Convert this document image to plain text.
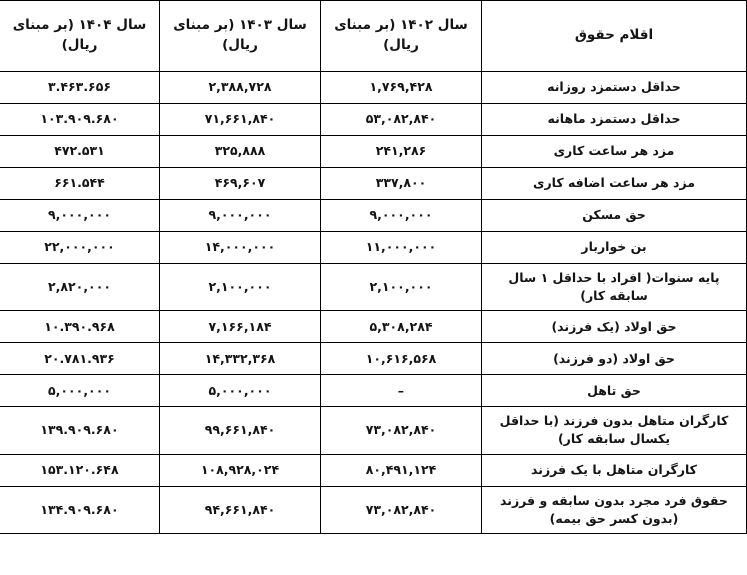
اقلام حقوق	سال ۱۴۰۲ (بر مبنای ریال)	سال ۱۴۰۳ (بر مبنای ریال)	سال ۱۴۰۴ (بر مبنای ریال)
حداقل دستمزد روزانه	۱,۷۶۹,۴۲۸	۲,۳۸۸,۷۲۸	۳.۴۶۳.۶۵۶
حداقل دستمزد ماهانه	۵۳,۰۸۲,۸۴۰	۷۱,۶۶۱,۸۴۰	۱۰۳.۹۰۹.۶۸۰
مزد هر ساعت کاری	۲۴۱,۲۸۶	۳۲۵,۸۸۸	۴۷۲.۵۳۱
مزد هر ساعت اضافه کاری	۳۳۷,۸۰۰	۴۶۹,۶۰۷	۶۶۱.۵۴۴
حق مسکن	۹,۰۰۰,۰۰۰	۹,۰۰۰,۰۰۰	۹,۰۰۰,۰۰۰
بن خواربار	۱۱,۰۰۰,۰۰۰	۱۴,۰۰۰,۰۰۰	۲۲,۰۰۰,۰۰۰
پایه سنوات( افراد با حداقل ۱ سال سابقه کار)	۲,۱۰۰,۰۰۰	۲,۱۰۰,۰۰۰	۲,۸۲۰,۰۰۰
حق اولاد (یک فرزند)	۵,۳۰۸,۲۸۴	۷,۱۶۶,۱۸۴	۱۰.۳۹۰.۹۶۸
حق اولاد (دو فرزند)	۱۰,۶۱۶,۵۶۸	۱۴,۳۳۲,۳۶۸	۲۰.۷۸۱.۹۳۶
حق تاهل	–	۵,۰۰۰,۰۰۰	۵,۰۰۰,۰۰۰
کارگران متاهل بدون فرزند (با حداقل یکسال سابقه کار)	۷۳,۰۸۲,۸۴۰	۹۹,۶۶۱,۸۴۰	۱۳۹.۹۰۹.۶۸۰
کارگران متاهل با یک فرزند	۸۰,۴۹۱,۱۲۴	۱۰۸,۹۲۸,۰۲۴	۱۵۳.۱۲۰.۶۴۸
حقوق فرد مجرد بدون سابقه و فرزند (بدون کسر حق بیمه)	۷۳,۰۸۲,۸۴۰	۹۴,۶۶۱,۸۴۰	۱۳۴.۹۰۹.۶۸۰
